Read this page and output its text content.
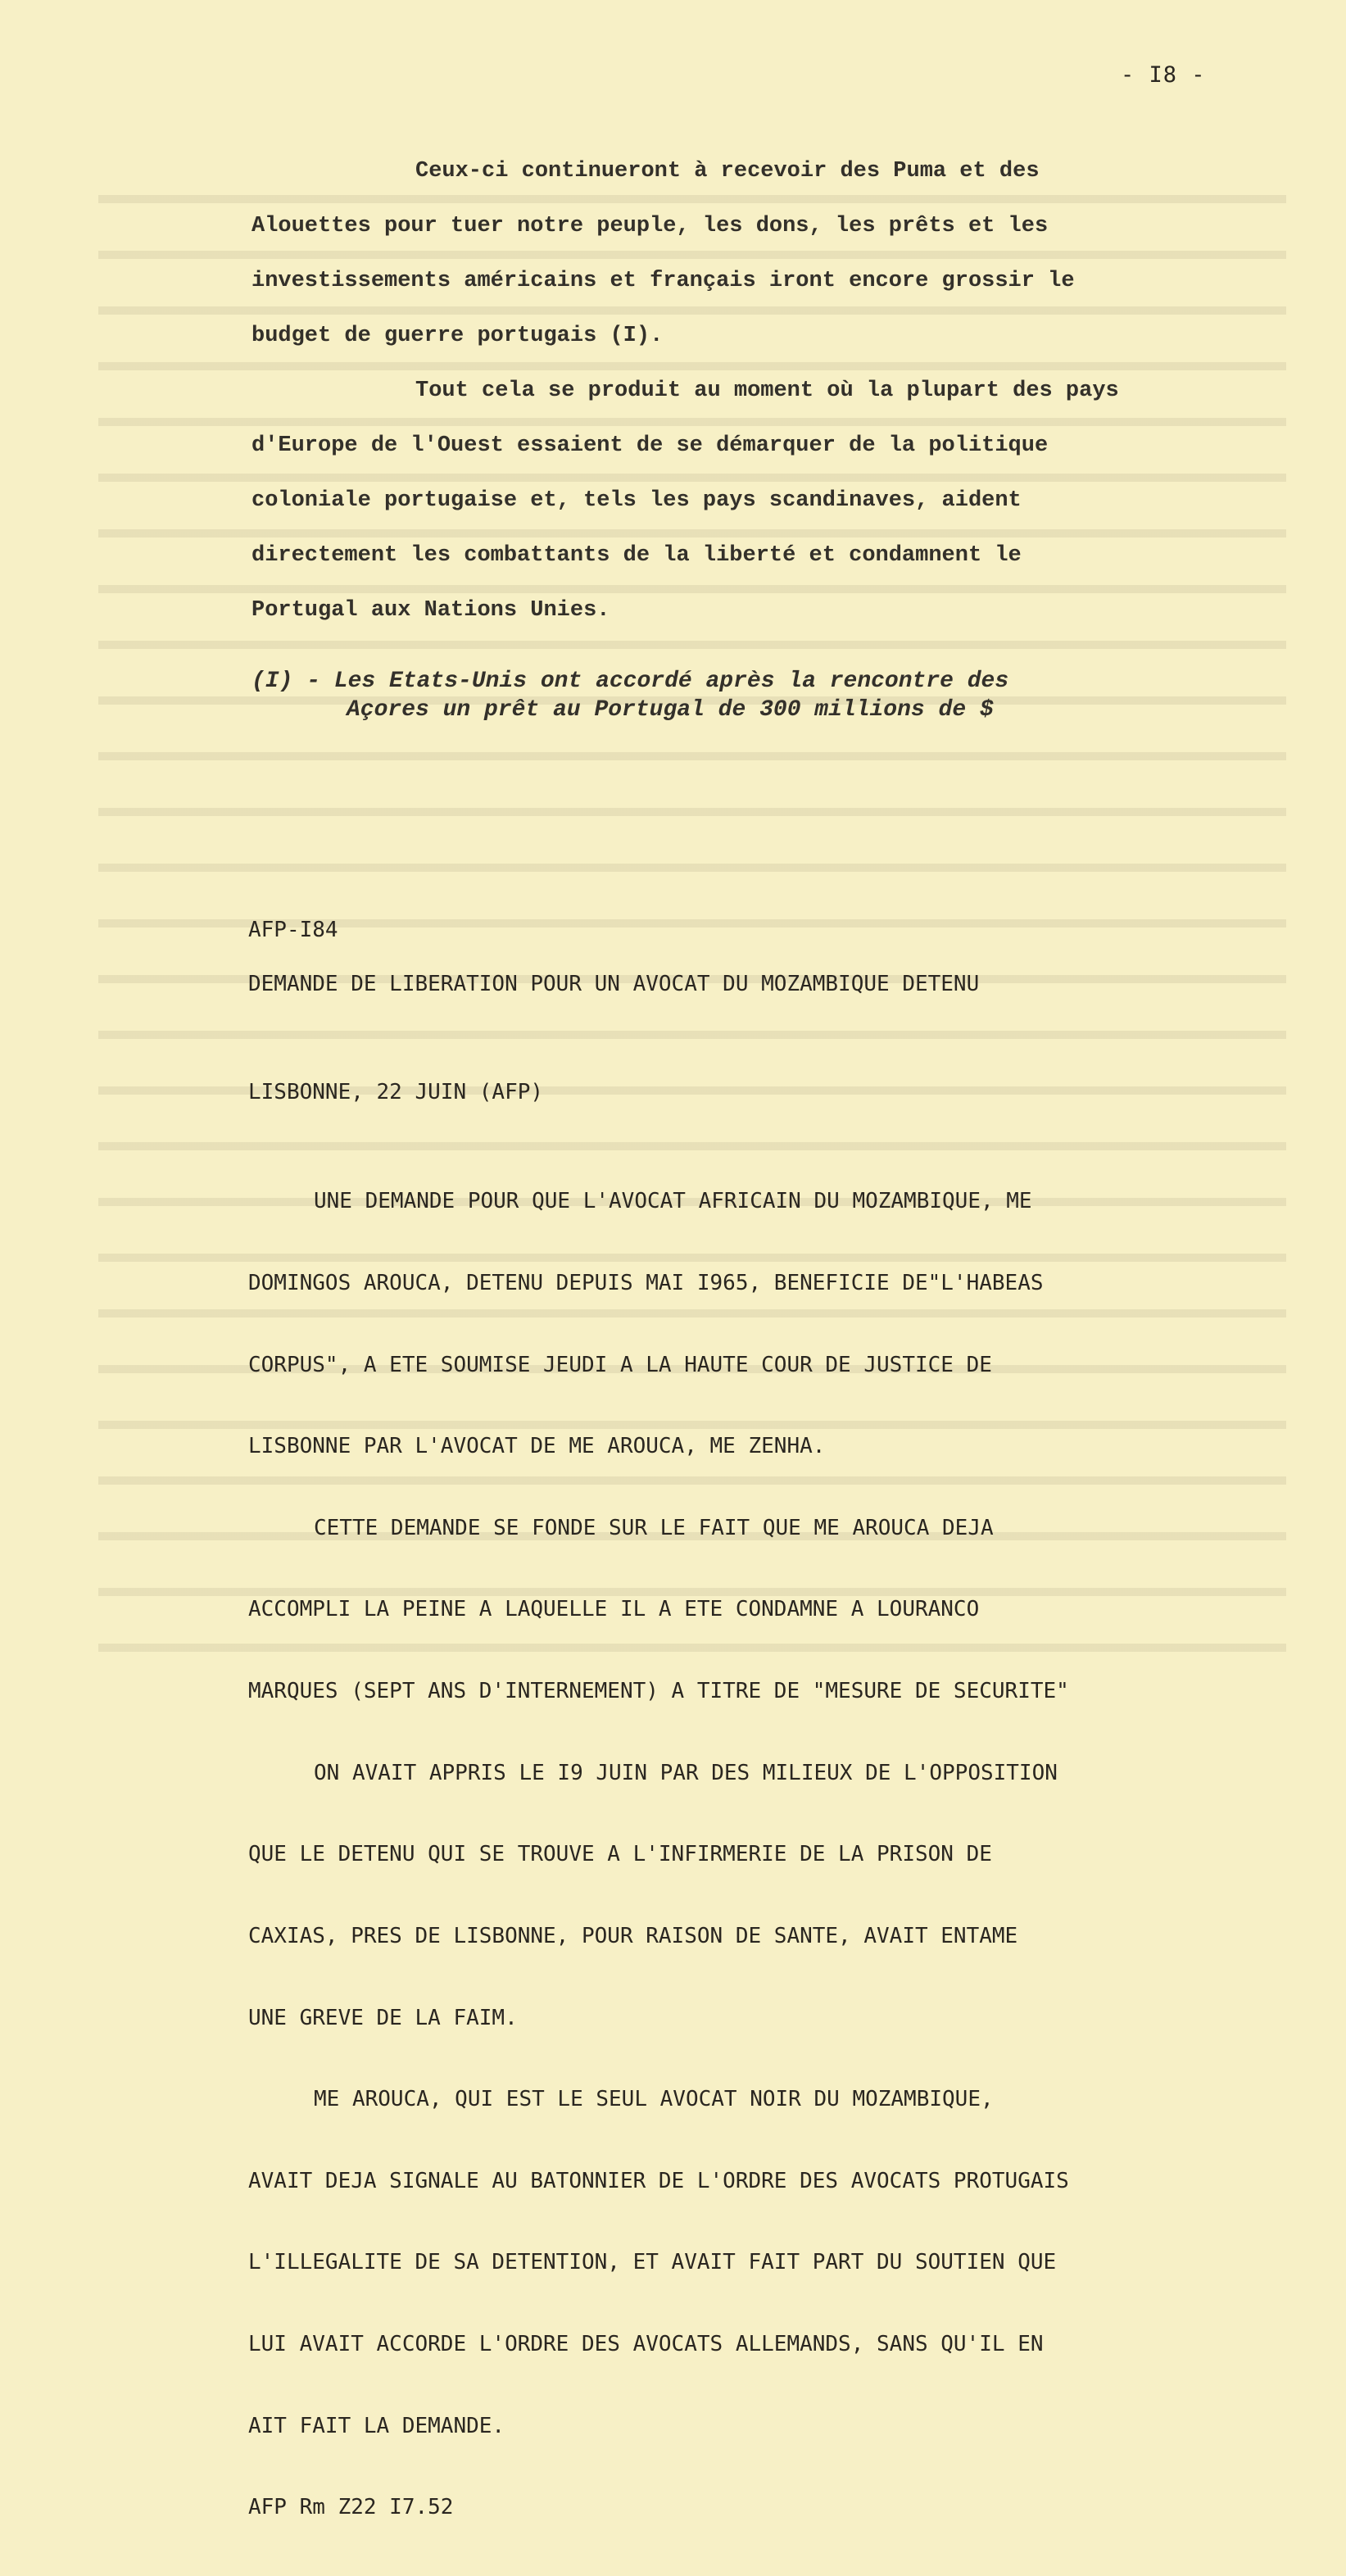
- I8 -

Ceux-ci continueront à recevoir des Puma et des

Alouettes pour tuer notre peuple, les dons, les prêts et les

investissements américains et français iront encore grossir le

budget de guerre portugais (I).

Tout cela se produit au moment où la plupart des pays

d'Europe de l'Ouest essaient de se démarquer de la politique

coloniale portugaise et, tels les pays scandinaves, aident

directement les combattants de la liberté et condamnent le

Portugal aux Nations Unies.

(I) - Les Etats-Unis ont accordé après la rencontre des
Açores un prêt au Portugal de 300 millions de $
AFP-I84
DEMANDE DE LIBERATION POUR UN AVOCAT DU MOZAMBIQUE DETENU
LISBONNE, 22 JUIN (AFP)

UNE DEMANDE POUR QUE L'AVOCAT AFRICAIN DU MOZAMBIQUE, ME

DOMINGOS AROUCA, DETENU DEPUIS MAI I965, BENEFICIE DE"L'HABEAS

CORPUS", A ETE SOUMISE JEUDI A LA HAUTE COUR DE JUSTICE DE

LISBONNE PAR L'AVOCAT DE ME AROUCA, ME ZENHA.

CETTE DEMANDE SE FONDE SUR LE FAIT QUE ME AROUCA DEJA

ACCOMPLI LA PEINE A LAQUELLE IL A ETE CONDAMNE A LOURANCO

MARQUES (SEPT ANS D'INTERNEMENT) A TITRE DE "MESURE DE SECURITE"

ON AVAIT APPRIS LE I9 JUIN PAR DES MILIEUX DE L'OPPOSITION

QUE LE DETENU QUI SE TROUVE A L'INFIRMERIE DE LA PRISON DE

CAXIAS, PRES DE LISBONNE, POUR RAISON DE SANTE, AVAIT ENTAME

UNE GREVE DE LA FAIM.

ME AROUCA, QUI EST LE SEUL AVOCAT NOIR DU MOZAMBIQUE,

AVAIT DEJA SIGNALE AU BATONNIER DE L'ORDRE DES AVOCATS PROTUGAIS

L'ILLEGALITE DE SA DETENTION, ET AVAIT FAIT PART DU SOUTIEN QUE

LUI AVAIT ACCORDE L'ORDRE DES AVOCATS ALLEMANDS, SANS QU'IL EN

AIT FAIT LA DEMANDE.

AFP Rm Z22 I7.52
